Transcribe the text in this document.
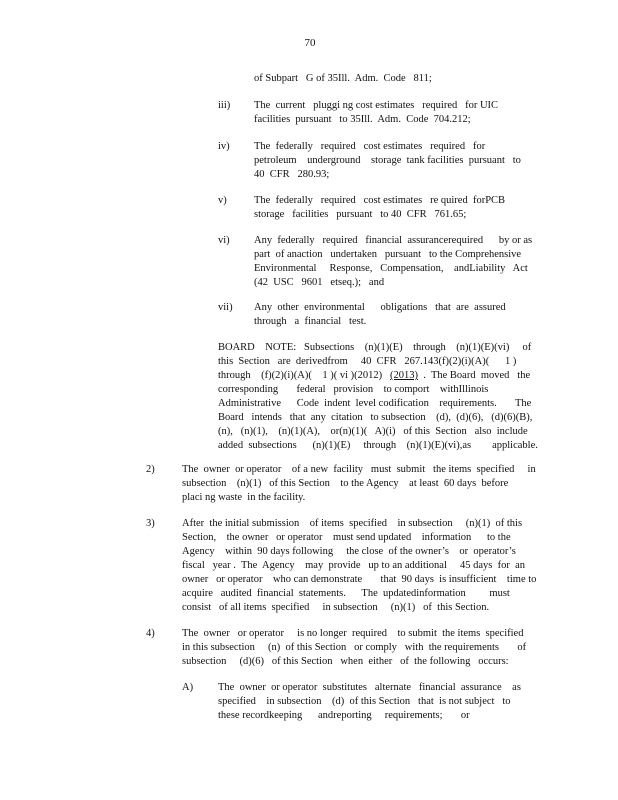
70
of Subpart   G of 35Ill.  Adm.  Code   811;
iii) The  current   pluggi ng cost estimates   required   for UIC
facilities  pursuant   to 35Ill.  Adm.  Code  704.212;
iv) The  federally   required   cost estimates   required   for
petroleum    underground    storage  tank facilities  pursuant   to
40  CFR   280.93;
v)	The  federally   required   cost estimates   re quired  forPCB
storage   facilities   pursuant   to 40  CFR   761.65;
vi) Any  federally   required   financial  assurancerequired      by or as
part  of anaction   undertaken   pursuant   to the Comprehensive
Environmental     Response,   Compensation,    andLiability   Act
(42  USC   9601   etseq.);   and
vii) Any  other  environmental      obligations   that  are  assured
through   a  financial   test.
BOARD    NOTE:   Subsections    (n)(1)(E)    through    (n)(1)(E)(vi)     of
this  Section   are  derivedfrom     40  CFR   267.143(f)(2)(i)(A)(      1 )
through    (f)(2)(i)(A)(    1 )( vi )(2012)   (2013)  .  The Board  moved   the
corresponding       federal   provision    to comport    withIllinois
Administrative      Code  indent  level codification    requirements.       The
Board   intends   that  any  citation   to subsection    (d),  (d)(6),   (d)(6)(B),
(n),   (n)(1),    (n)(1)(A),    or(n)(1)(   A)(i)   of this  Section   also  include
added  subsections      (n)(1)(E)     through    (n)(1)(E)(vi),as        applicable.
2)	The  owner  or operator    of a new  facility   must  submit   the items  specified     in
subsection    (n)(1)   of this Section    to the Agency    at least  60 days  before
placi ng waste  in the facility.
3)	After  the initial submission    of items  specified    in subsection     (n)(1)  of this
Section,    the owner   or operator    must send updated    information      to the
Agency    within  90 days following     the close  of the owner’s    or  operator’s
fiscal   year .  The  Agency    may  provide   up to an additional     45 days  for  an
owner   or operator    who can demonstrate       that  90 days  is insufficient    time to
acquire   audited  financial  statements.      The  updatedinformation         must
consist   of all items  specified     in subsection     (n)(1)   of  this Section.
4)	The  owner   or operator     is no longer  required    to submit  the items  specified
in this subsection     (n)  of this Section   or comply   with  the requirements       of
subsection     (d)(6)   of this Section   when  either   of  the following   occurs:
A) The  owner  or operator  substitutes   alternate   financial  assurance    as
specified    in subsection    (d)  of this Section   that  is not subject   to
these recordkeeping      andreporting     requirements;       or
